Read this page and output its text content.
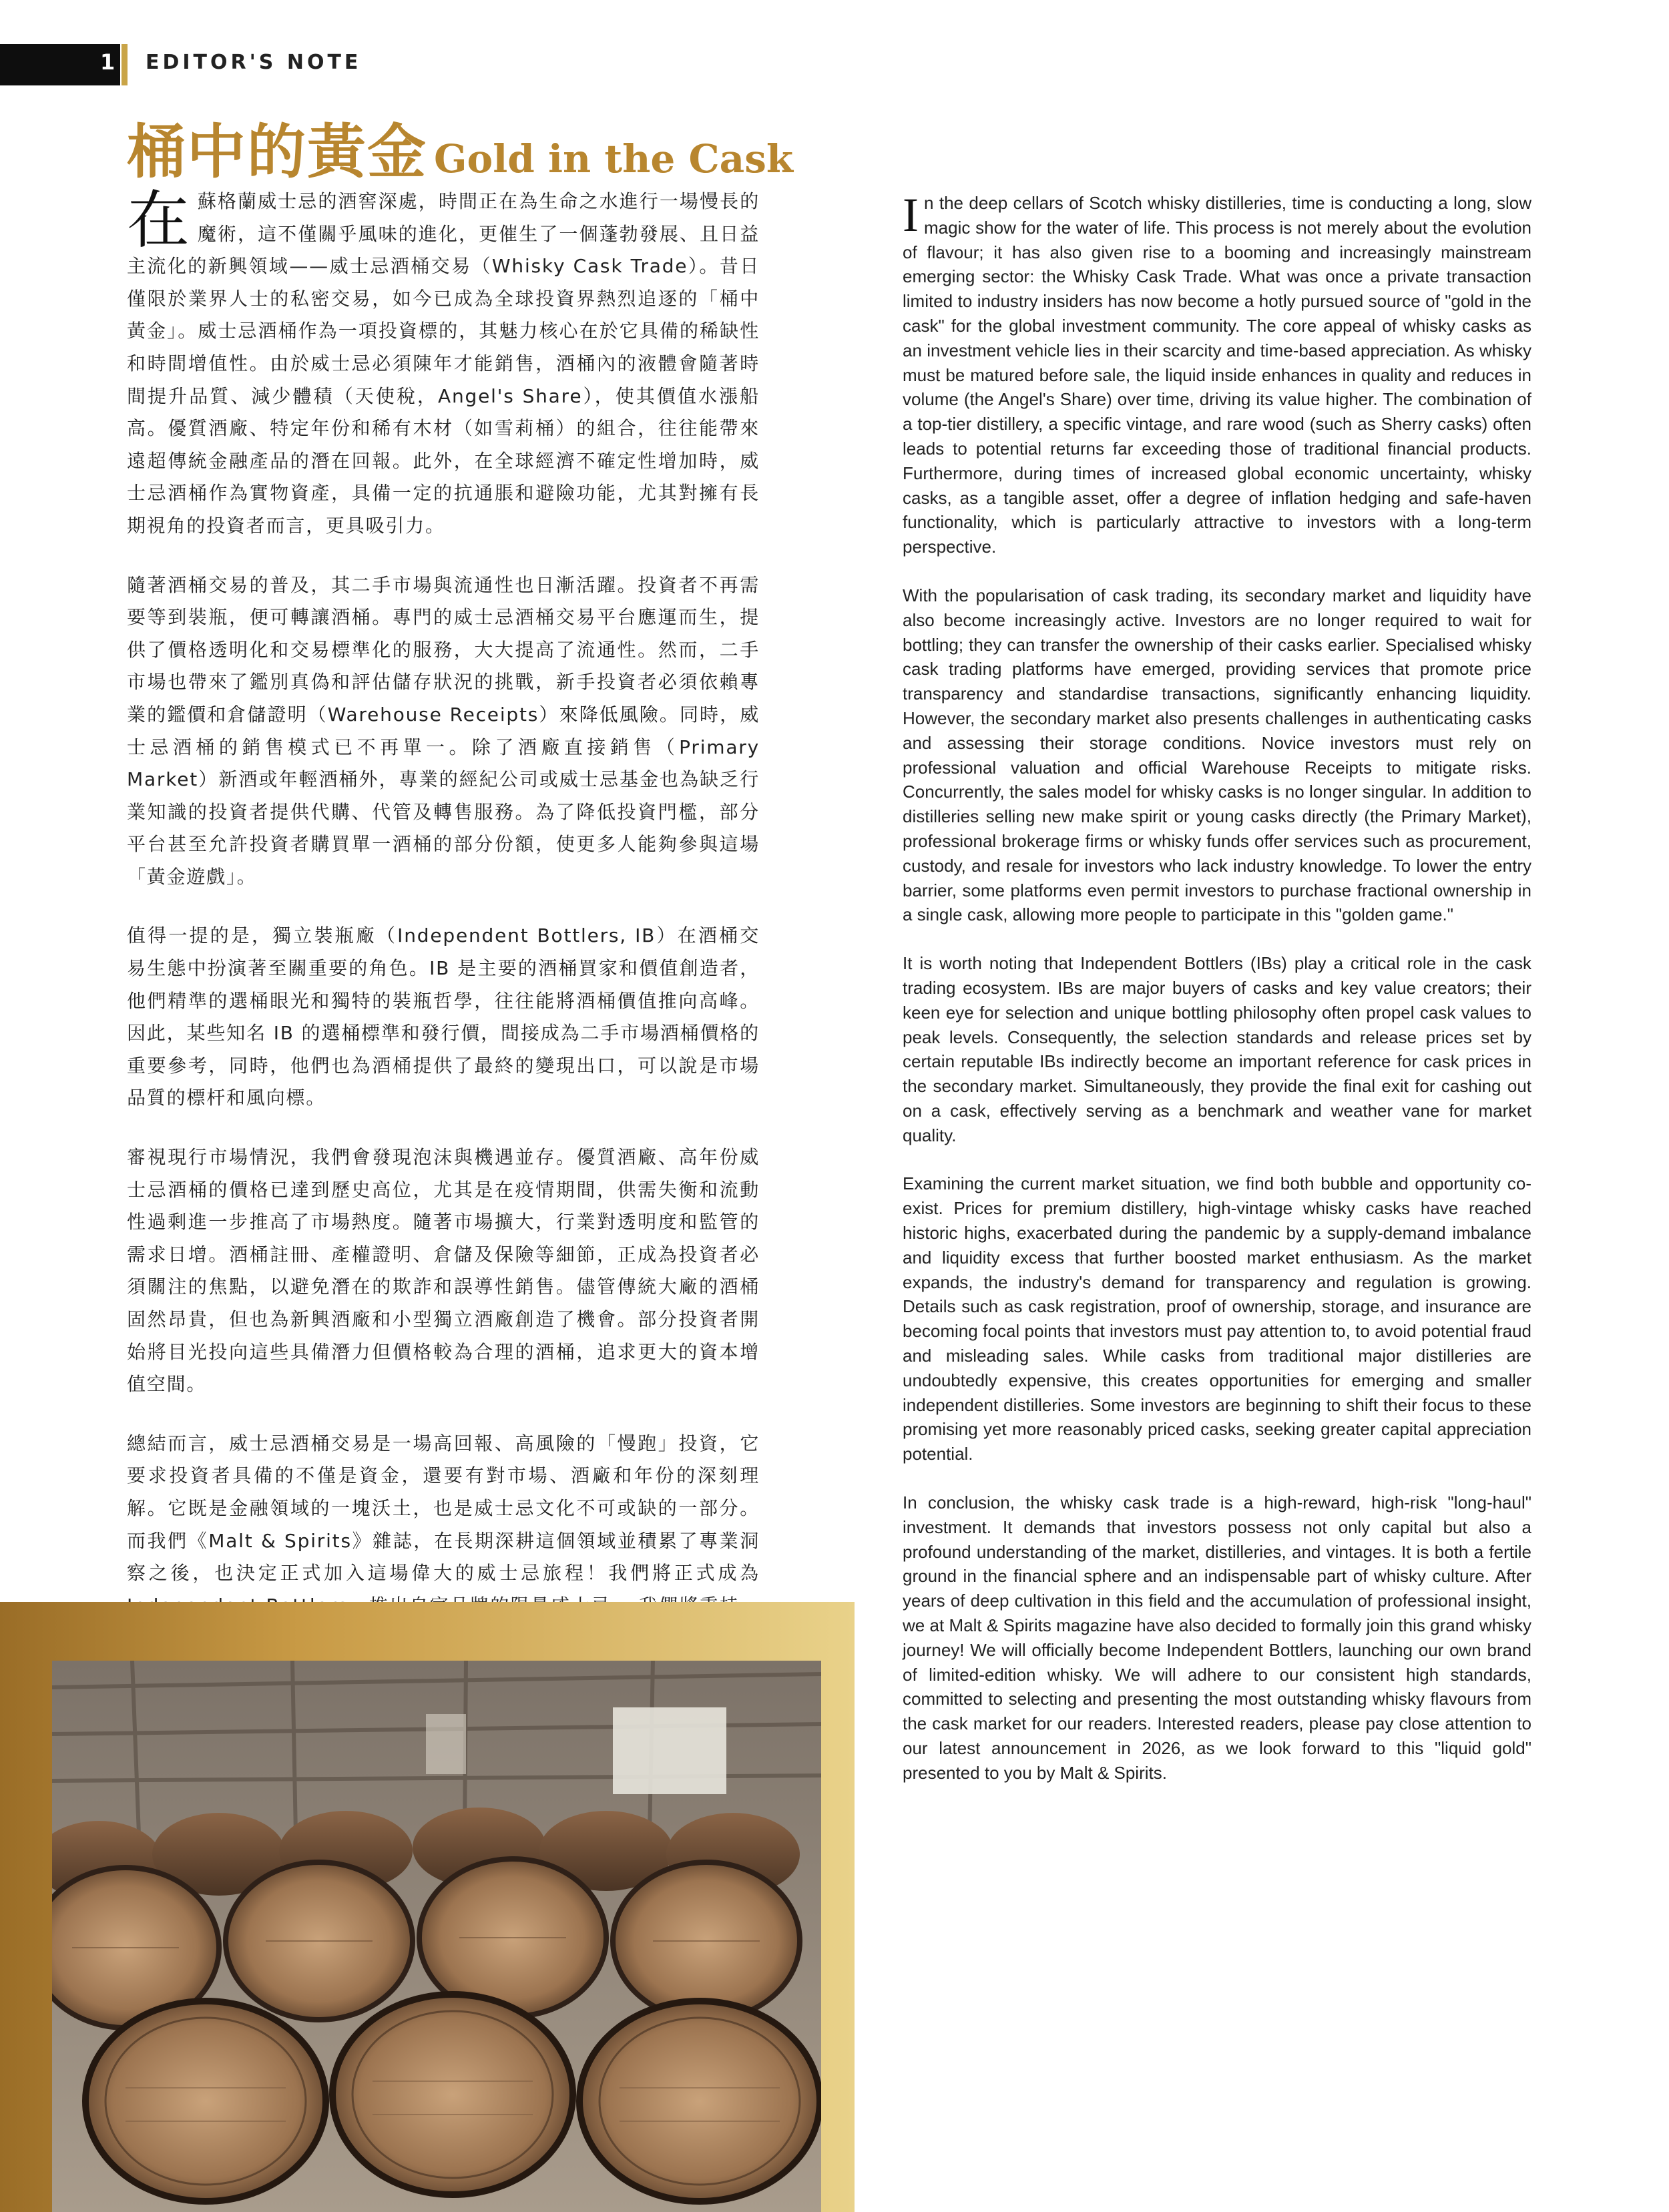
1 EDITOR'S NOTE
桶中的黃金 Gold in the Cask

在蘇格蘭威士忌的酒窖深處，時間正在為生命之水進行一場慢長的魔術，這不僅關乎風味的進化，更催生了一個蓬勃發展、且日益主流化的新興領域——威士忌酒桶交易（Whisky Cask Trade）。昔日僅限於業界人士的私密交易，如今已成為全球投資界熱烈追逐的「桶中黃金」。威士忌酒桶作為一項投資標的，其魅力核心在於它具備的稀缺性和時間增值性。由於威士忌必須陳年才能銷售，酒桶內的液體會隨著時間提升品質、減少體積（天使稅，Angel's Share），使其價值水漲船高。優質酒廠、特定年份和稀有木材（如雪莉桶）的組合，往往能帶來遠超傳統金融產品的潛在回報。此外，在全球經濟不確定性增加時，威士忌酒桶作為實物資產，具備一定的抗通脹和避險功能，尤其對擁有長期視角的投資者而言，更具吸引力。

隨著酒桶交易的普及，其二手市場與流通性也日漸活躍。投資者不再需要等到裝瓶，便可轉讓酒桶。專門的威士忌酒桶交易平台應運而生，提供了價格透明化和交易標準化的服務，大大提高了流通性。然而，二手市場也帶來了鑑別真偽和評估儲存狀況的挑戰，新手投資者必須依賴專業的鑑價和倉儲證明（Warehouse Receipts）來降低風險。同時，威士忌酒桶的銷售模式已不再單一。除了酒廠直接銷售（Primary Market）新酒或年輕酒桶外，專業的經紀公司或威士忌基金也為缺乏行業知識的投資者提供代購、代管及轉售服務。為了降低投資門檻，部分平台甚至允許投資者購買單一酒桶的部分份額，使更多人能夠參與這場「黃金遊戲」。

值得一提的是，獨立裝瓶廠（Independent Bottlers, IB）在酒桶交易生態中扮演著至關重要的角色。IB 是主要的酒桶買家和價值創造者，他們精準的選桶眼光和獨特的裝瓶哲學，往往能將酒桶價值推向高峰。因此，某些知名 IB 的選桶標準和發行價，間接成為二手市場酒桶價格的重要參考，同時，他們也為酒桶提供了最終的變現出口，可以說是市場品質的標杆和風向標。

審視現行市場情況，我們會發現泡沫與機遇並存。優質酒廠、高年份威士忌酒桶的價格已達到歷史高位，尤其是在疫情期間，供需失衡和流動性過剩進一步推高了市場熱度。隨著市場擴大，行業對透明度和監管的需求日增。酒桶註冊、產權證明、倉儲及保險等細節，正成為投資者必須關注的焦點，以避免潛在的欺詐和誤導性銷售。儘管傳統大廠的酒桶固然昂貴，但也為新興酒廠和小型獨立酒廠創造了機會。部分投資者開始將目光投向這些具備潛力但價格較為合理的酒桶，追求更大的資本增值空間。

總結而言，威士忌酒桶交易是一場高回報、高風險的「慢跑」投資，它要求投資者具備的不僅是資金，還要有對市場、酒廠和年份的深刻理解。它既是金融領域的一塊沃土，也是威士忌文化不可或缺的一部分。而我們《Malt & Spirits》雜誌，在長期深耕這個領域並積累了專業洞察之後，也決定正式加入這場偉大的威士忌旅程！我們將正式成為

In the deep cellars of Scotch whisky distilleries, time is conducting a long, slow magic show for the water of life. This process is not merely about the evolution of flavour; it has also given rise to a booming and increasingly mainstream emerging sector: the Whisky Cask Trade. What was once a private transaction limited to industry insiders has now become a hotly pursued source of "gold in the cask" for the global investment community. The core appeal of whisky casks as an investment vehicle lies in their scarcity and time-based appreciation. As whisky must be matured before sale, the liquid inside enhances in quality and reduces in volume (the Angel's Share) over time, driving its value higher. The combination of a top-tier distillery, a specific vintage, and rare wood (such as Sherry casks) often leads to potential returns far exceeding those of traditional financial products. Furthermore, during times of increased global economic uncertainty, whisky casks, as a tangible asset, offer a degree of inflation hedging and safe-haven functionality, which is particularly attractive to investors with a long-term perspective.

With the popularisation of cask trading, its secondary market and liquidity have also become increasingly active. Investors are no longer required to wait for bottling; they can transfer the ownership of their casks earlier. Specialised whisky cask trading platforms have emerged, providing services that promote price transparency and standardise transactions, significantly enhancing liquidity. However, the secondary market also presents challenges in authenticating casks and assessing their storage conditions. Novice investors must rely on professional valuation and official Warehouse Receipts to mitigate risks. Concurrently, the sales model for whisky casks is no longer singular. In addition to distilleries selling new make spirit or young casks directly (the Primary Market), professional brokerage firms or whisky funds offer services such as procurement, custody, and resale for investors who lack industry knowledge. To lower the entry barrier, some platforms even permit investors to purchase fractional ownership in a single cask, allowing more people to participate in this "golden game."

It is worth noting that Independent Bottlers (IBs) play a critical role in the cask trading ecosystem. IBs are major buyers of casks and key value creators; their keen eye for selection and unique bottling philosophy often propel cask values to peak levels. Consequently, the selection standards and release prices set by certain reputable IBs indirectly become an important reference for cask prices in the secondary market. Simultaneously, they provide the final exit for cashing out on a cask, effectively serving as a benchmark and weather vane for market quality.

Examining the current market situation, we find both bubble and opportunity co-exist. Prices for premium distillery, high-vintage whisky casks have reached historic highs, exacerbated during the pandemic by a supply-demand imbalance and liquidity excess that further boosted market enthusiasm. As the market expands, the industry's demand for transparency and regulation is growing. Details such as cask registration, proof of ownership, storage, and insurance are becoming focal points that investors must pay attention to, to avoid potential fraud and misleading sales. While casks from traditional major distilleries are undoubtedly expensive, this creates opportunities for emerging and smaller independent distilleries. Some investors are beginning to shift their focus to these promising yet more reasonably priced casks, seeking greater capital appreciation potential.

In conclusion, the whisky cask trade is a high-reward, high-risk "long-haul" investment. It demands that investors possess not only capital but also a profound understanding of the market, distilleries, and vintages. It is both a fertile ground in the financial sphere and an indispensable part of whisky culture. After years of deep cultivation in this field and the accumulation of professional insight, we at Malt & Spirits magazine have also decided to formally join this grand whisky journey! We will officially become Independent Bottlers, launching our own brand of limited-edition whisky. We will adhere to our consistent high standards, committed to selecting and presenting the most outstanding whisky flavours from the cask market for our readers. Interested readers, please pay close attention to our latest announcement in 2026, as we look forward to this "liquid gold" presented to you by Malt & Spirits.
